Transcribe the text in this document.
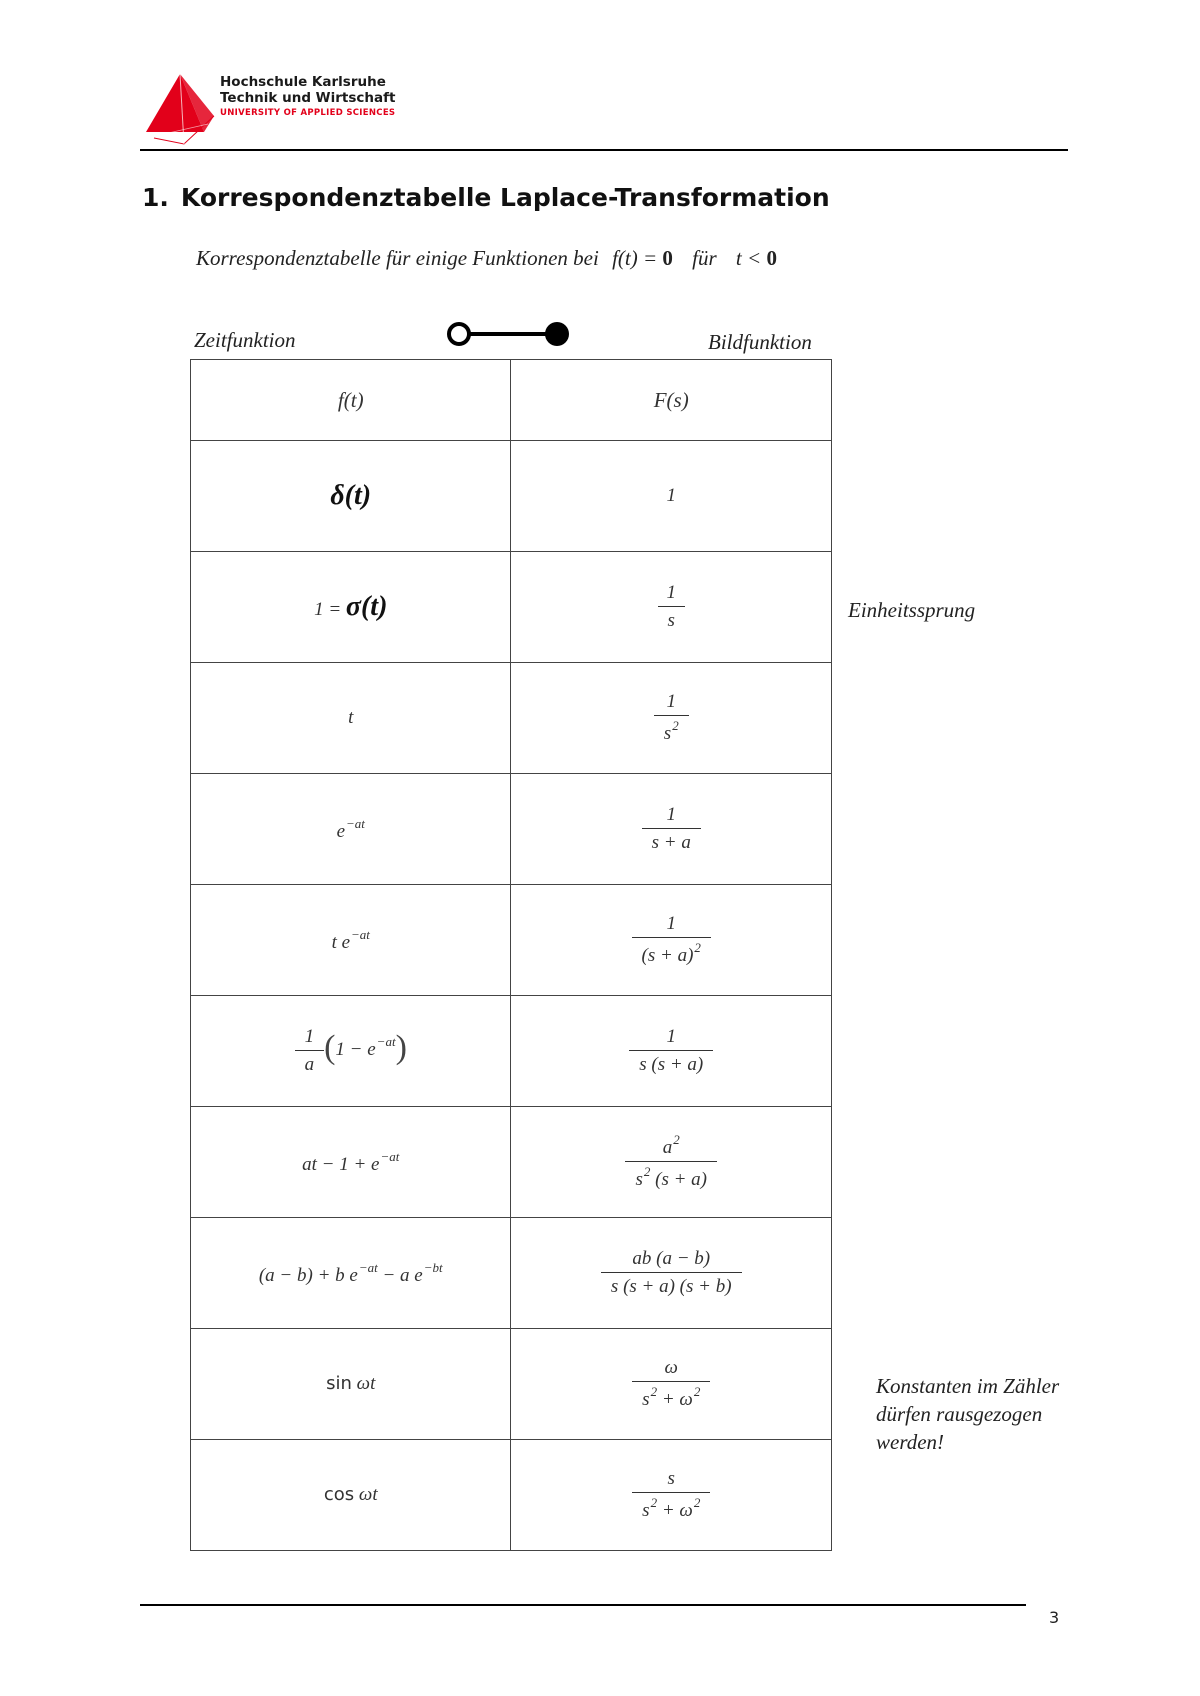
Hochschule Karlsruhe
Technik und Wirtschaft
UNIVERSITY OF APPLIED SCIENCES
1. Korrespondenztabelle Laplace-Transformation
Korrespondenztabelle für einige Funktionen bei f(t) = 0 für t < 0
Zeitfunktion	Bildfunktion
f(t)	F(s)
δ(t)	1
1 = σ(t)	$\frac{1}{s}$

t	$\frac{1}{s^2}$

$e^{-at}$	$\frac{1}{s + a}$

t $e^{-at}$	$\frac{1}{(s + a)^2}$

$\frac{1}{a} (1 - e^{-at})$	$\frac{1}{s (s + a)}$

at − $1 + e^{-at}$	$\frac{a^2}{s^2 (s + a)}$

(a − b) + b $e^{-at} - a$ $e^{-bt}$	$\frac{ab (a - b)}{s (s + a) (s + b)}$

sin ωt	$\frac{\omega}{s^2 + \omega^2}$

cos ωt	$\frac{s}{s^2 + \omega^2}$
Einheitssprung
Konstanten im Zähler
dürfen rausgezogen
werden!
3
